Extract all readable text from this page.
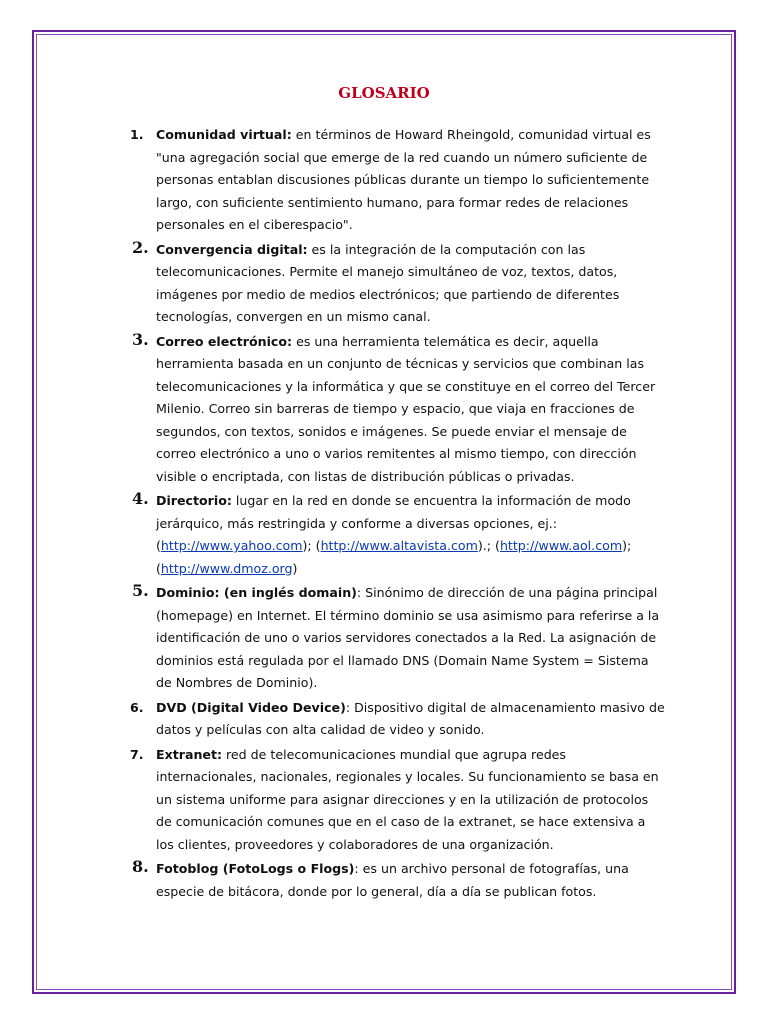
GLOSARIO
1. Comunidad virtual: en términos de Howard Rheingold, comunidad virtual es "una agregación social que emerge de la red cuando un número suficiente de personas entablan discusiones públicas durante un tiempo lo suficientemente largo, con suficiente sentimiento humano, para formar redes de relaciones personales en el ciberespacio".
2. Convergencia digital: es la integración de la computación con las telecomunicaciones. Permite el manejo simultáneo de voz, textos, datos, imágenes por medio de medios electrónicos; que partiendo de diferentes tecnologías, convergen en un mismo canal.
3. Correo electrónico: es una herramienta telemática es decir, aquella herramienta basada en un conjunto de técnicas y servicios que combinan las telecomunicaciones y la informática y que se constituye en el correo del Tercer Milenio. Correo sin barreras de tiempo y espacio, que viaja en fracciones de segundos, con textos, sonidos e imágenes. Se puede enviar el mensaje de correo electrónico a uno o varios remitentes al mismo tiempo, con dirección visible o encriptada, con listas de distribución públicas o privadas.
4. Directorio: lugar en la red en donde se encuentra la información de modo jerárquico, más restringida y conforme a diversas opciones, ej.: (http://www.yahoo.com); (http://www.altavista.com).; (http://www.aol.com); (http://www.dmoz.org)
5. Dominio: (en inglés domain): Sinónimo de dirección de una página principal (homepage) en Internet. El término dominio se usa asimismo para referirse a la identificación de uno o varios servidores conectados a la Red. La asignación de dominios está regulada por el llamado DNS (Domain Name System = Sistema de Nombres de Dominio).
6. DVD (Digital Video Device): Dispositivo digital de almacenamiento masivo de datos y películas con alta calidad de video y sonido.
7. Extranet: red de telecomunicaciones mundial que agrupa redes internacionales, nacionales, regionales y locales. Su funcionamiento se basa en un sistema uniforme para asignar direcciones y en la utilización de protocolos de comunicación comunes que en el caso de la extranet, se hace extensiva a los clientes, proveedores y colaboradores de una organización.
8. Fotoblog (FotoLogs o Flogs): es un archivo personal de fotografías, una especie de bitácora, donde por lo general, día a día se publican fotos.
